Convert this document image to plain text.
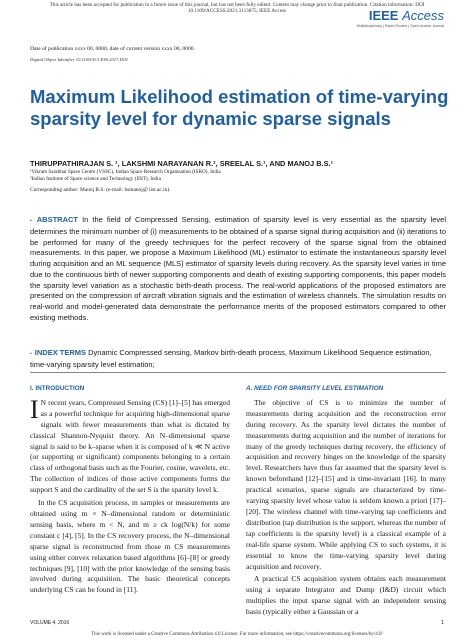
This article has been accepted for publication in a future issue of this journal, but has not been fully edited. Content may change prior to final publication. Citation information: DOI
10.1109/ACCESS.2021.3113875, IEEE Access	IEEE Access
Multidisciplinary | Rapid Review | Open Access Journal
Date of publication xxxx 00, 0000, date of current version xxxx 00, 0000.
Digital Object Identifier 10.1109/ACCESS.2017.DOI
Maximum Likelihood estimation of time-varying sparsity level for dynamic sparse signals
THIRUPPATHIRAJAN S. ¹, LAKSHMI NARAYANAN R.², SREELAL S.¹, AND MANOJ B.S.¹
¹Vikram Sarabhai Space Centre (VSSC), Indian Space Research Organisation (ISRO), India
²Indian Institute of Space science and Technology (IIST), India
Corresponding author: Manoj B.S. (e-mail: bsmanoj@ iist.ac.in).
▪ ABSTRACT In the field of Compressed Sensing, estimation of sparsity level is very essential as the sparsity level determines the minimum number of (i) measurements to be obtained of a sparse signal during acquisition and (ii) iterations to be performed for many of the greedy techniques for the perfect recovery of the sparse signal from the obtained measurements. In this paper, we propose a Maximum Likelihood (ML) estimator to estimate the instantaneous sparsity level during acquisition and an ML sequence (MLS) estimator of sparsity levels during recovery. As the sparsity level varies in time due to the continuous birth of newer supporting components and death of existing supporting components, this paper models the sparsity level variation as a stochastic birth-death process. The real-world applications of the proposed estimators are presented on the compression of aircraft vibration signals and the estimation of wireless channels. The simulation results on real-world and model-generated data demonstrate the performance merits of the proposed estimators compared to other existing methods.
▪ INDEX TERMS Dynamic Compressed sensing, Markov birth-death process, Maximum Likelihood Sequence estimation, time-varying sparsity level estimation;
I. INTRODUCTION
I N recent years, Compressed Sensing (CS) [1]–[5] has emerged as a powerful technique for acquiring high-dimensional sparse signals with fewer measurements than what is dictated by classical Shannon-Nyquist theory. An N–dimensional sparse signal is said to be k–sparse when it is composed of k ≪ N active (or supporting or significant) components belonging to a certain class of orthogonal basis such as the Fourier, cosine, wavelets, etc. The collection of indices of those active components forms the support S and the cardinality of the set S is the sparsity level k.
In the CS acquisition process, m samples or measurements are obtained using m × N–dimensional random or deterministic sensing basis, where m < N, and m ≥ ck log(N/k) for some constant c [4], [5]. In the CS recovery process, the N–dimensional sparse signal is reconstructed from those m CS measurements using either convex relaxation based algorithms [6]–[8] or greedy techniques [9], [10] with the prior knowledge of the sensing basis involved during acquisition. The basic theoretical concepts underlying CS can be found in [11].
A. NEED FOR SPARSITY LEVEL ESTIMATION
The objective of CS is to minimize the number of measurements during acquisition and the reconstruction error during recovery. As the sparsity level dictates the number of measurements during acquisition and the number of iterations for many of the greedy techniques during recovery, the efficiency of acquisition and recovery hinges on the knowledge of the sparsity level. Researchers have thus far assumed that the sparsity level is known beforehand [12]–[15] and is time-invariant [16]. In many practical scenarios, sparse signals are characterized by time-varying sparsity level whose value is seldom known a priori [17]–[20]. The wireless channel with time-varying tap coefficients and distribution (tap distribution is the support, whereas the number of tap coefficients is the sparsity level) is a classical example of a real-life sparse system. While applying CS to such systems, it is essential to know the time-varying sparsity level during acquisition and recovery.
A practical CS acquisition system obtains each measurement using a separate Integrator and Dump (I&D) circuit which multiplies the input sparse signal with an independent sensing basis (typically either a Gaussian or a
VOLUME 4, 2016	1
This work is licensed under a Creative Commons Attribution 4.0 License. For more information, see https://creativecommons.org/licenses/by/4.0/
